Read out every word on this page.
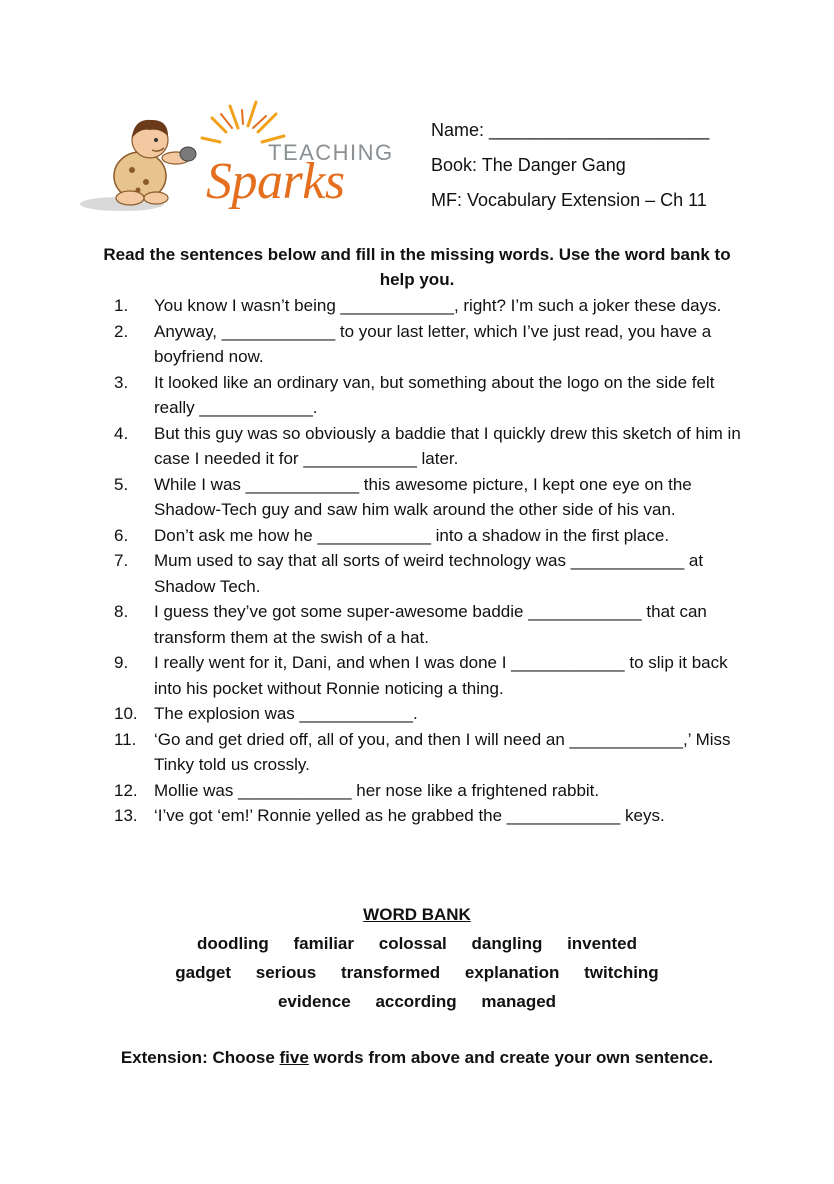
TEACHING
Sparks
Name: ______________________
Book: The Danger Gang
MF: Vocabulary Extension – Ch 11
Read the sentences below and fill in the missing words. Use the word bank to help you.
1.	You know I wasn’t being ____________, right? I’m such a joker these days.
2.	Anyway, ____________ to your last letter, which I’ve just read, you have a boyfriend now.
3.	It looked like an ordinary van, but something about the logo on the side felt really ____________.
4.	But this guy was so obviously a baddie that I quickly drew this sketch of him in case I needed it for ____________ later.
5.	While I was ____________ this awesome picture, I kept one eye on the Shadow-Tech guy and saw him walk around the other side of his van.
6.	Don’t ask me how he ____________ into a shadow in the first place.
7.	Mum used to say that all sorts of weird technology was ____________ at Shadow Tech.
8.	I guess they’ve got some super-awesome baddie ____________ that can transform them at the swish of a hat.
9.	I really went for it, Dani, and when I was done I ____________ to slip it back into his pocket without Ronnie noticing a thing.
10. The explosion was ____________.
11.	‘Go and get dried off, all of you, and then I will need an ____________,’ Miss Tinky told us crossly.
12. Mollie was ____________ her nose like a frightened rabbit.
13. ‘I’ve got ‘em!’ Ronnie yelled as he grabbed the ____________ keys.
WORD BANK
doodling familiar colossal dangling invented
gadget serious transformed explanation twitching
evidence according managed
Extension: Choose five words from above and create your own sentence.
